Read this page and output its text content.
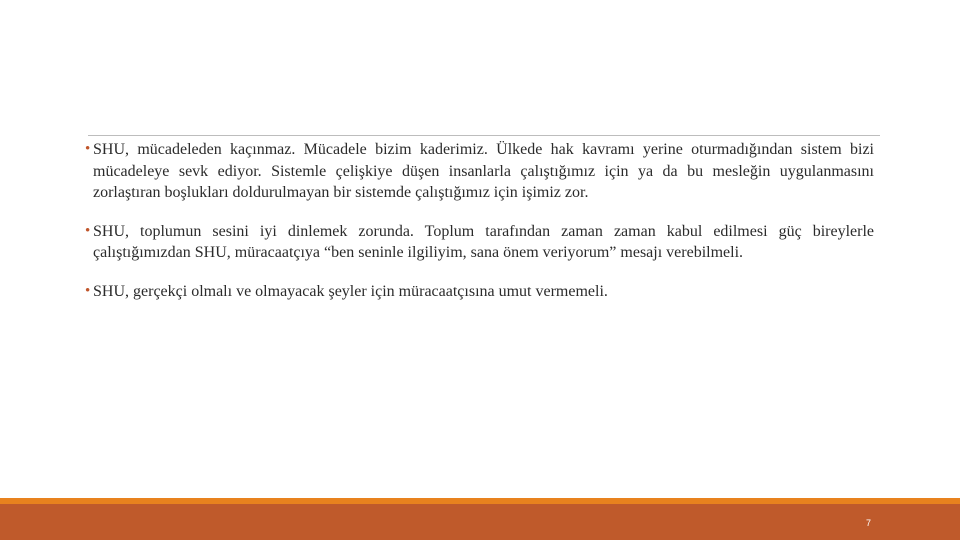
• SHU, mücadeleden kaçınmaz. Mücadele bizim kaderimiz. Ülkede hak kavramı yerine oturmadığından sistem bizi mücadeleye sevk ediyor. Sistemle çelişkiye düşen insanlarla çalıştığımız için ya da bu mesleğin uygulanmasını zorlaştıran boşlukları doldurulmayan bir sistemde çalıştığımız için işimiz zor.
• SHU, toplumun sesini iyi dinlemek zorunda. Toplum tarafından zaman zaman kabul edilmesi güç bireylerle çalıştığımızdan SHU, müracaatçıya “ben seninle ilgiliyim, sana önem veriyorum” mesajı verebilmeli.
• SHU, gerçekçi olmalı ve olmayacak şeyler için müracaatçısına umut vermemeli.
7
